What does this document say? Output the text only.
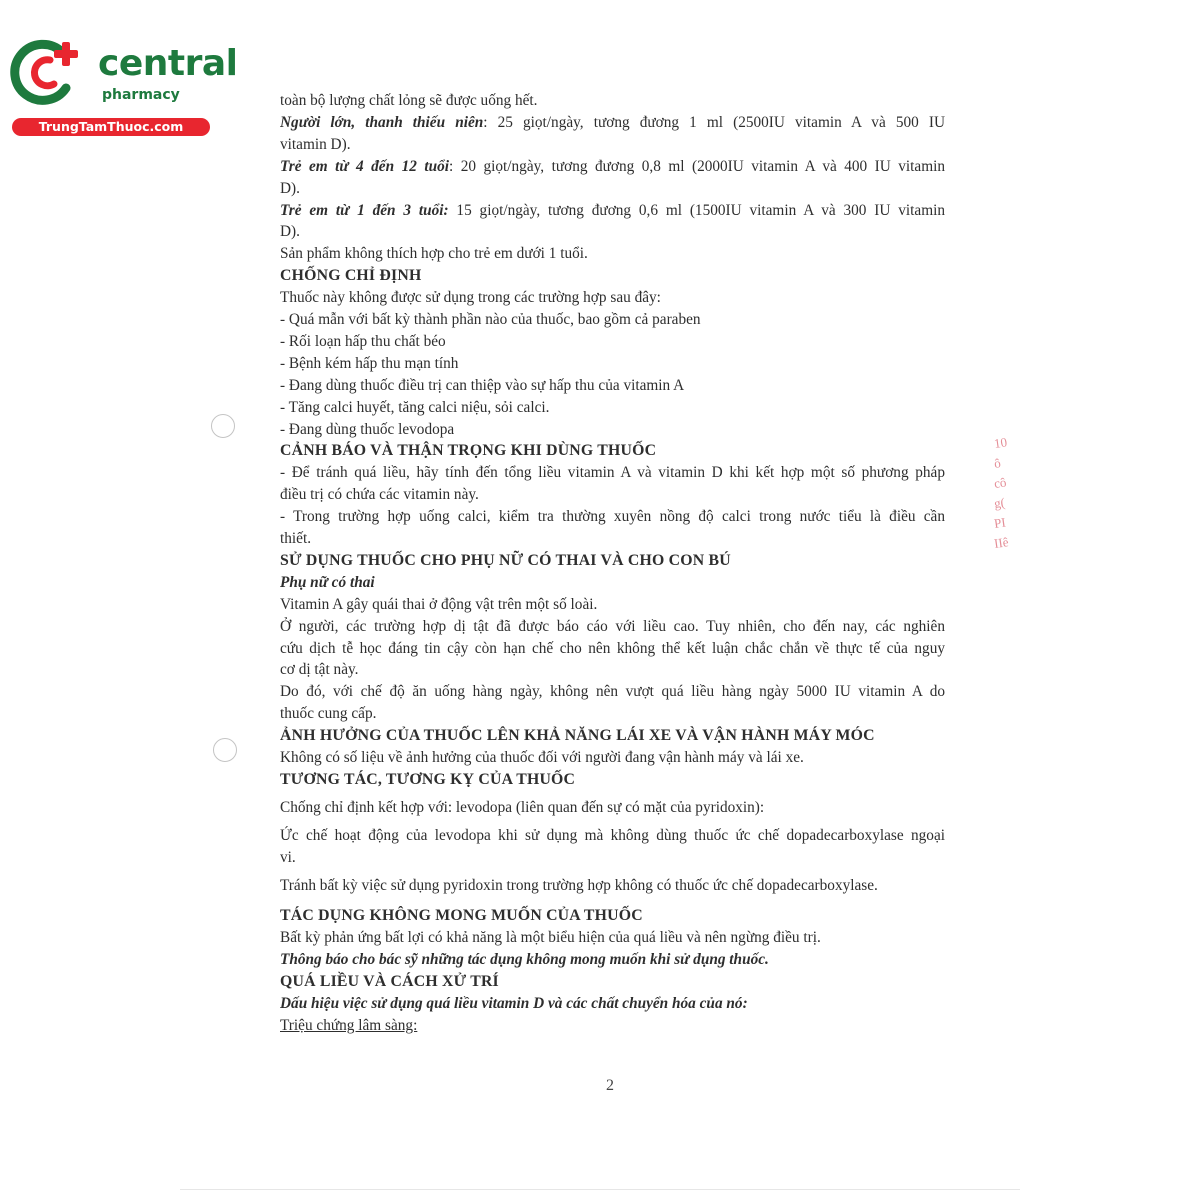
central
pharmacy
TrungTamThuoc.com
10
ô
cô
g(
PI
IIê
toàn bộ lượng chất lỏng sẽ được uống hết.
Người lớn, thanh thiếu niên: 25 giọt/ngày, tương đương 1 ml (2500IU vitamin A và 500 IU
vitamin D).
Trẻ em từ 4 đến 12 tuổi: 20 giọt/ngày, tương đương 0,8 ml (2000IU vitamin A và 400 IU vitamin
D).
Trẻ em từ 1 đến 3 tuổi: 15 giọt/ngày, tương đương 0,6 ml (1500IU vitamin A và 300 IU vitamin
D).
Sản phẩm không thích hợp cho trẻ em dưới 1 tuổi.
CHỐNG CHỈ ĐỊNH
Thuốc này không được sử dụng trong các trường hợp sau đây:
- Quá mẫn với bất kỳ thành phần nào của thuốc, bao gồm cả paraben
- Rối loạn hấp thu chất béo
- Bệnh kém hấp thu mạn tính
- Đang dùng thuốc điều trị can thiệp vào sự hấp thu của vitamin A
- Tăng calci huyết, tăng calci niệu, sỏi calci.
- Đang dùng thuốc levodopa
CẢNH BÁO VÀ THẬN TRỌNG KHI DÙNG THUỐC
- Để tránh quá liều, hãy tính đến tổng liều vitamin A và vitamin D khi kết hợp một số phương pháp
điều trị có chứa các vitamin này.
- Trong trường hợp uống calci, kiểm tra thường xuyên nồng độ calci trong nước tiểu là điều cần
thiết.
SỬ DỤNG THUỐC CHO PHỤ NỮ CÓ THAI VÀ CHO CON BÚ
Phụ nữ có thai
Vitamin A gây quái thai ở động vật trên một số loài.
Ở người, các trường hợp dị tật đã được báo cáo với liều cao. Tuy nhiên, cho đến nay, các nghiên
cứu dịch tễ học đáng tin cậy còn hạn chế cho nên không thể kết luận chắc chắn về thực tế của nguy
cơ dị tật này.
Do đó, với chế độ ăn uống hàng ngày, không nên vượt quá liều hàng ngày 5000 IU vitamin A do
thuốc cung cấp.
ẢNH HƯỞNG CỦA THUỐC LÊN KHẢ NĂNG LÁI XE VÀ VẬN HÀNH MÁY MÓC
Không có số liệu về ảnh hưởng của thuốc đối với người đang vận hành máy và lái xe.
TƯƠNG TÁC, TƯƠNG KỴ CỦA THUỐC
Chống chỉ định kết hợp với: levodopa (liên quan đến sự có mặt của pyridoxin):
Ức chế hoạt động của levodopa khi sử dụng mà không dùng thuốc ức chế dopadecarboxylase ngoại
vi.
Tránh bất kỳ việc sử dụng pyridoxin trong trường hợp không có thuốc ức chế dopadecarboxylase.
TÁC DỤNG KHÔNG MONG MUỐN CỦA THUỐC
Bất kỳ phản ứng bất lợi có khả năng là một biểu hiện của quá liều và nên ngừng điều trị.
Thông báo cho bác sỹ những tác dụng không mong muốn khi sử dụng thuốc.
QUÁ LIỀU VÀ CÁCH XỬ TRÍ
Dấu hiệu việc sử dụng quá liều vitamin D và các chất chuyển hóa của nó:
Triệu chứng lâm sàng:
2
